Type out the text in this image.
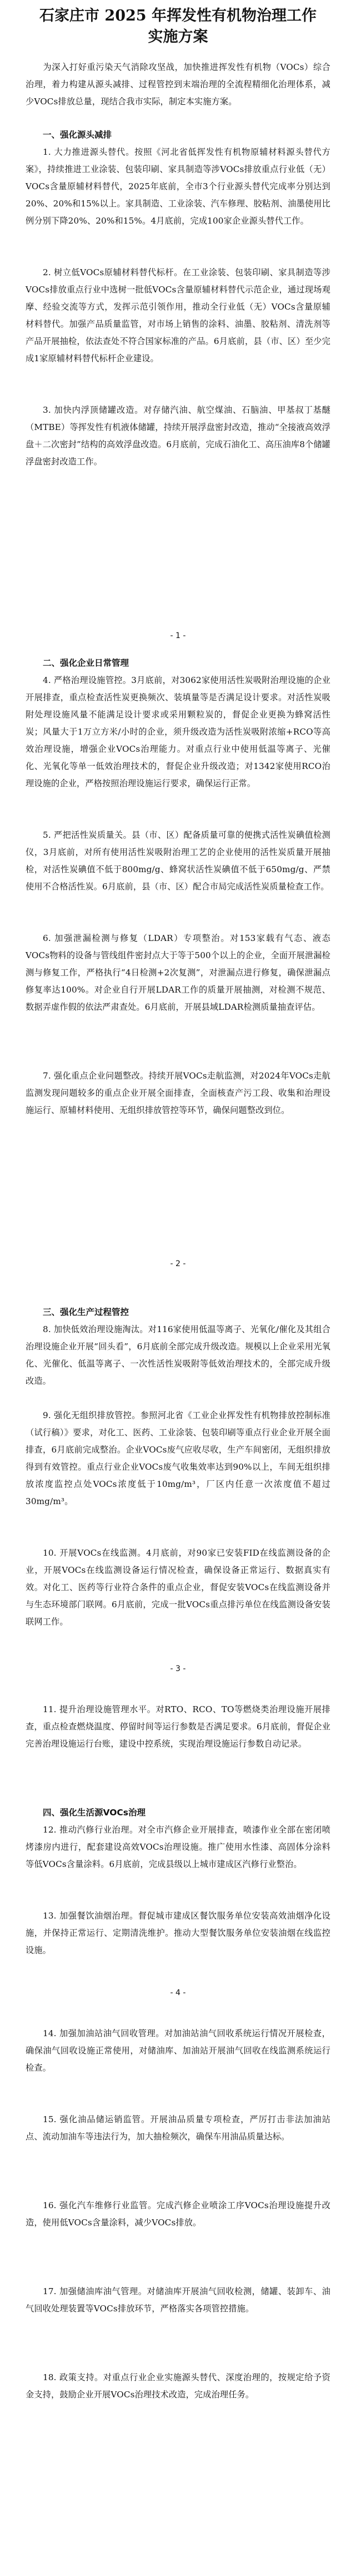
石家庄市 2025 年挥发性有机物治理工作
实施方案
为深入打好重污染天气消除攻坚战，加快推进挥发性有机物（VOCs）综合治理，着力构建从源头减排、过程管控到末端治理的全流程精细化治理体系，减少VOCs排放总量，现结合我市实际，制定本实施方案。
一、强化源头减排
1. 大力推进源头替代。按照《河北省低挥发性有机物原辅材料源头替代方案》，持续推进工业涂装、包装印刷、家具制造等涉VOCs排放重点行业低（无）VOCs含量原辅材料替代，2025年底前，全市3个行业源头替代完成率分别达到20%、20%和15%以上。家具制造、工业涂装、汽车修理、胶粘剂、油墨使用比例分别下降20%、20%和15%。4月底前，完成100家企业源头替代工作。
2. 树立低VOCs原辅材料替代标杆。在工业涂装、包装印刷、家具制造等涉VOCs排放重点行业中选树一批低VOCs含量原辅材料替代示范企业，通过现场观摩、经验交流等方式，发挥示范引领作用，推动全行业低（无）VOCs含量原辅材料替代。加强产品质量监管，对市场上销售的涂料、油墨、胶粘剂、清洗剂等产品开展抽检，依法查处不符合国家标准的产品。6月底前，县（市、区）至少完成1家原辅材料替代标杆企业建设。
3. 加快内浮顶储罐改造。对存储汽油、航空煤油、石脑油、甲基叔丁基醚（MTBE）等挥发性有机液体储罐，持续开展浮盘密封改造，推动“全接液高效浮盘＋二次密封”结构的高效浮盘改造。6月底前，完成石油化工、高压油库8个储罐浮盘密封改造工作。
- 1 -
二、强化企业日常管理
4. 严格治理设施管控。3月底前，对3062家使用活性炭吸附治理设施的企业开展排查，重点检查活性炭更换频次、装填量等是否满足设计要求。对活性炭吸附处理设施风量不能满足设计要求或采用颗粒炭的，督促企业更换为蜂窝活性炭；风量大于1万立方米/小时的企业，须升级改造为活性炭吸附浓缩+RCO等高效治理设施，增强企业VOCs治理能力。对重点行业中使用低温等离子、光催化、光氧化等单一低效治理技术的，督促企业升级改造；对1342家使用RCO治理设施的企业，严格按照治理设施运行要求，确保运行正常。
5. 严把活性炭质量关。县（市、区）配备质量可靠的便携式活性炭碘值检测仪，3月底前，对所有使用活性炭吸附治理工艺的企业使用的活性炭质量开展抽检，对活性炭碘值不低于800mg/g、蜂窝状活性炭碘值不低于650mg/g、严禁使用不合格活性炭。6月底前，县（市、区）配合市局完成活性炭质量检查工作。
6. 加强泄漏检测与修复（LDAR）专项整治。对153家载有气态、液态VOCs物料的设备与管线组件密封点大于等于500个以上的企业，全面开展泄漏检测与修复工作，严格执行“4日检测+2次复测”，对泄漏点进行修复，确保泄漏点修复率达100%。对企业自行开展LDAR工作的质量开展抽测，对检测不规范、数据弄虚作假的依法严肃查处。6月底前，开展县域LDAR检测质量抽查评估。
7. 强化重点企业问题整改。持续开展VOCs走航监测，对2024年VOCs走航监测发现问题较多的重点企业开展全面排查，全面核查产污工段、收集和治理设施运行、原辅材料使用、无组织排放管控等环节，确保问题整改到位。
- 2 -
三、强化生产过程管控
8. 加快低效治理设施淘汰。对116家使用低温等离子、光氧化/催化及其组合治理设施企业开展“回头看”，6月底前全部完成升级改造。规模以上企业采用光氧化、光催化、低温等离子、一次性活性炭吸附等低效治理技术的，全部完成升级改造。
9. 强化无组织排放管控。参照河北省《工业企业挥发性有机物排放控制标准（试行稿）》要求，对化工、医药、工业涂装、包装印刷等重点行业企业开展全面排查，6月底前完成整治。企业VOCs废气应收尽收，生产车间密闭，无组织排放得到有效管控。重点行业企业VOCs废气收集效率达到90%以上，车间无组织排放浓度监控点处VOCs浓度低于10mg/m³，厂区内任意一次浓度值不超过30mg/m³。
10. 开展VOCs在线监测。4月底前，对90家已安装FID在线监测设备的企业，开展VOCs在线监测设备运行情况检查，确保设备正常运行、数据真实有效。对化工、医药等行业符合条件的重点企业，督促安装VOCs在线监测设备并与生态环境部门联网。6月底前，完成一批VOCs重点排污单位在线监测设备安装联网工作。
- 3 -
11. 提升治理设施管理水平。对RTO、RCO、TO等燃烧类治理设施开展排查，重点检查燃烧温度、停留时间等运行参数是否满足要求。6月底前，督促企业完善治理设施运行台账，建设中控系统，实现治理设施运行参数自动记录。
四、强化生活源VOCs治理
12. 推动汽修行业治理。对全市汽修企业开展排查，喷漆作业全部在密闭喷烤漆房内进行，配套建设高效VOCs治理设施。推广使用水性漆、高固体分涂料等低VOCs含量涂料。6月底前，完成县级以上城市建成区汽修行业整治。
13. 加强餐饮油烟治理。督促城市建成区餐饮服务单位安装高效油烟净化设施，并保持正常运行、定期清洗维护。推动大型餐饮服务单位安装油烟在线监控设施。
- 4 -
14. 加强加油站油气回收管理。对加油站油气回收系统运行情况开展检查，确保油气回收设施正常使用，对储油库、加油站开展油气回收在线监测系统运行检查。
15. 强化油品储运销监管。开展油品质量专项检查，严厉打击非法加油站点、流动加油车等违法行为，加大抽检频次，确保车用油品质量达标。
16. 强化汽车维修行业监管。完成汽修企业喷涂工序VOCs治理设施提升改造，使用低VOCs含量涂料，减少VOCs排放。
17. 加强储油库油气管理。对储油库开展油气回收检测，储罐、装卸车、油气回收处理装置等VOCs排放环节，严格落实各项管控措施。
18. 政策支持。对重点行业企业实施源头替代、深度治理的，按规定给予资金支持，鼓励企业开展VOCs治理技术改造，完成治理任务。
